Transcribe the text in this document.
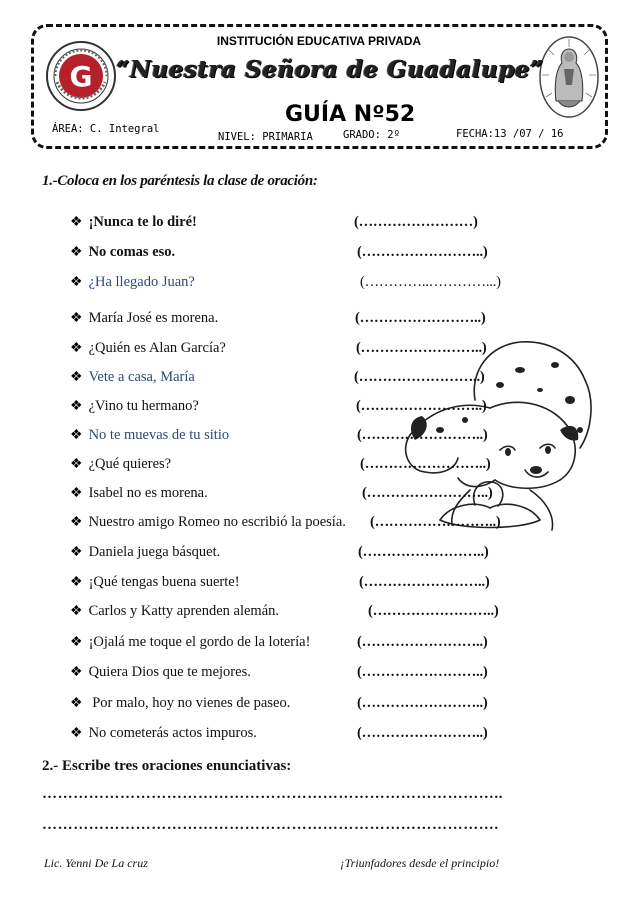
G
INSTITUCIÓN EDUCATIVA PRIVADA
“Nuestra Señora de Guadalupe”
GUÍA Nº52
ÁREA: C. Integral
NIVEL: PRIMARIA	GRADO: 2º	FECHA:13 /07 / 16
1.-Coloca en los paréntesis la clase de oración:
❖ ¡Nunca te lo diré!	(……………………)
❖ No comas eso.	(……………………..)
❖ ¿Ha llegado Juan?	(…………..…………...)
❖ María José es morena.	(……………………..)
❖ ¿Quién es Alan García?	(……………………..)
❖ Vete a casa, María	(……………………..)
❖ ¿Vino tu hermano?	(……………………..)
❖ No te muevas de tu sitio	(……………………..)
❖ ¿Qué quieres?	(……………………..)
❖ Isabel no es morena.	(……………………..)
❖ Nuestro amigo Romeo no escribió la poesía. (……………………..)
❖ Daniela juega básquet.	(……………………..)
❖ ¡Qué tengas buena suerte!	(……………………..)
❖ Carlos y Katty aprenden alemán.	(……………………..)
❖ ¡Ojalá me toque el gordo de la lotería!	(……………………..)
❖ Quiera Dios que te mejores.	(……………………..)
❖ Por malo, hoy no vienes de paseo.	(……………………..)
❖ No cometerás actos impuros.	(……………………..)
2.- Escribe tres oraciones enunciativas:
……………………………………………………………………………..
…………………………………………………………………………….
Lic. Yenni De La cruz	¡Triunfadores desde el principio!
